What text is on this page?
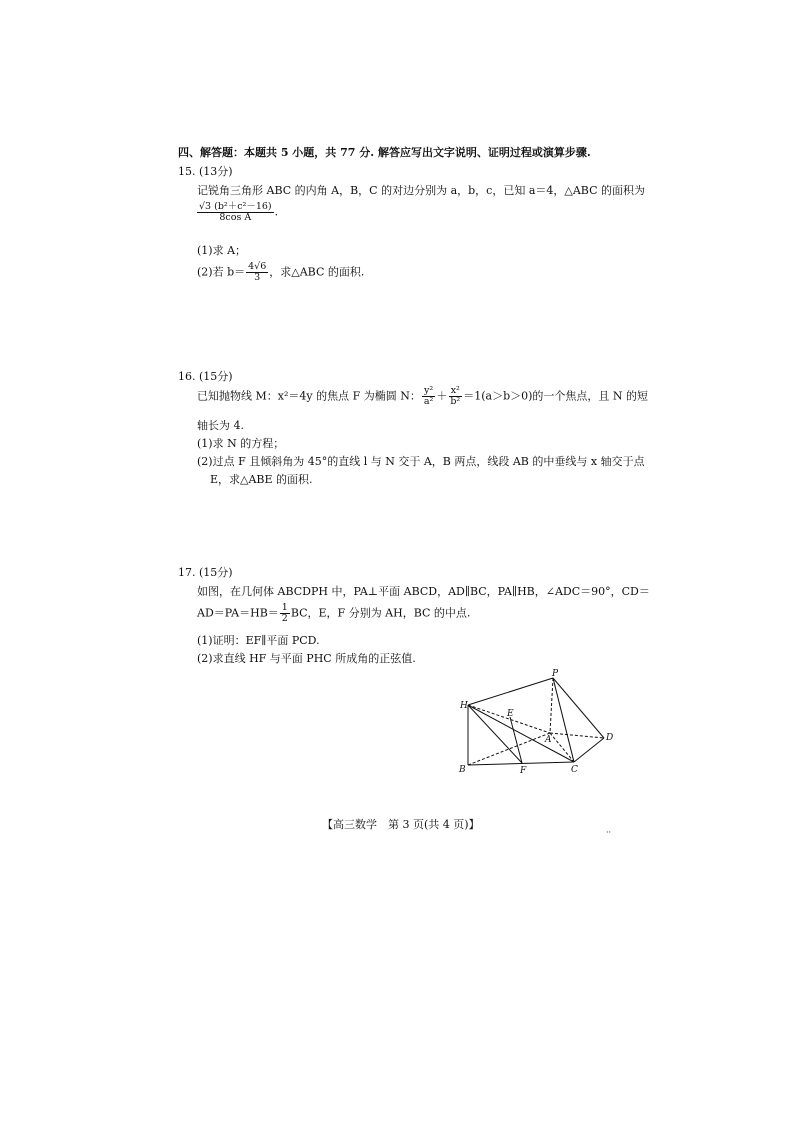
四、解答题：本题共 5 小题，共 77 分. 解答应写出文字说明、证明过程或演算步骤.
15. (13分)
记锐角三角形 ABC 的内角 A，B，C 的对边分别为 a，b，c，已知 a＝4，△ABC 的面积为
$\frac{\text{√3 (b²＋c²－16)}}{\text{8cos A}}$ .
(1)求 A；
(2)若 $b= \frac{4√6}{3}$ ，求△ABC 的面积.
16. (15分)
已知抛物线 M：x²＝4y 的焦点 F 为椭圆 N： $\frac{\text{y²}}{\text{a²}} + \frac{\text{x²}}{\text{b²}} =1(a>b>0)$的一个焦点，且 N 的短
轴长为 4.
(1)求 N 的方程；
(2)过点 F 且倾斜角为 45°的直线 l 与 N 交于 A，B 两点，线段 AB 的中垂线与 x 轴交于点
E，求△ABE 的面积.
17. (15分)
如图，在几何体 ABCDPH 中，PA⊥平面 ABCD，AD∥BC，PA∥HB，∠ADC＝90°，CD＝
$AD=PA=HB= \frac{1}{2}$ BC，E，F 分别为 AH，BC 的中点.
(1)证明：EF∥平面 PCD.
(2)求直线 HF 与平面 PHC 所成角的正弦值.
P
H
E
A	D
B	F	C
【高三数学　第 3 页(共 4 页)】
··
